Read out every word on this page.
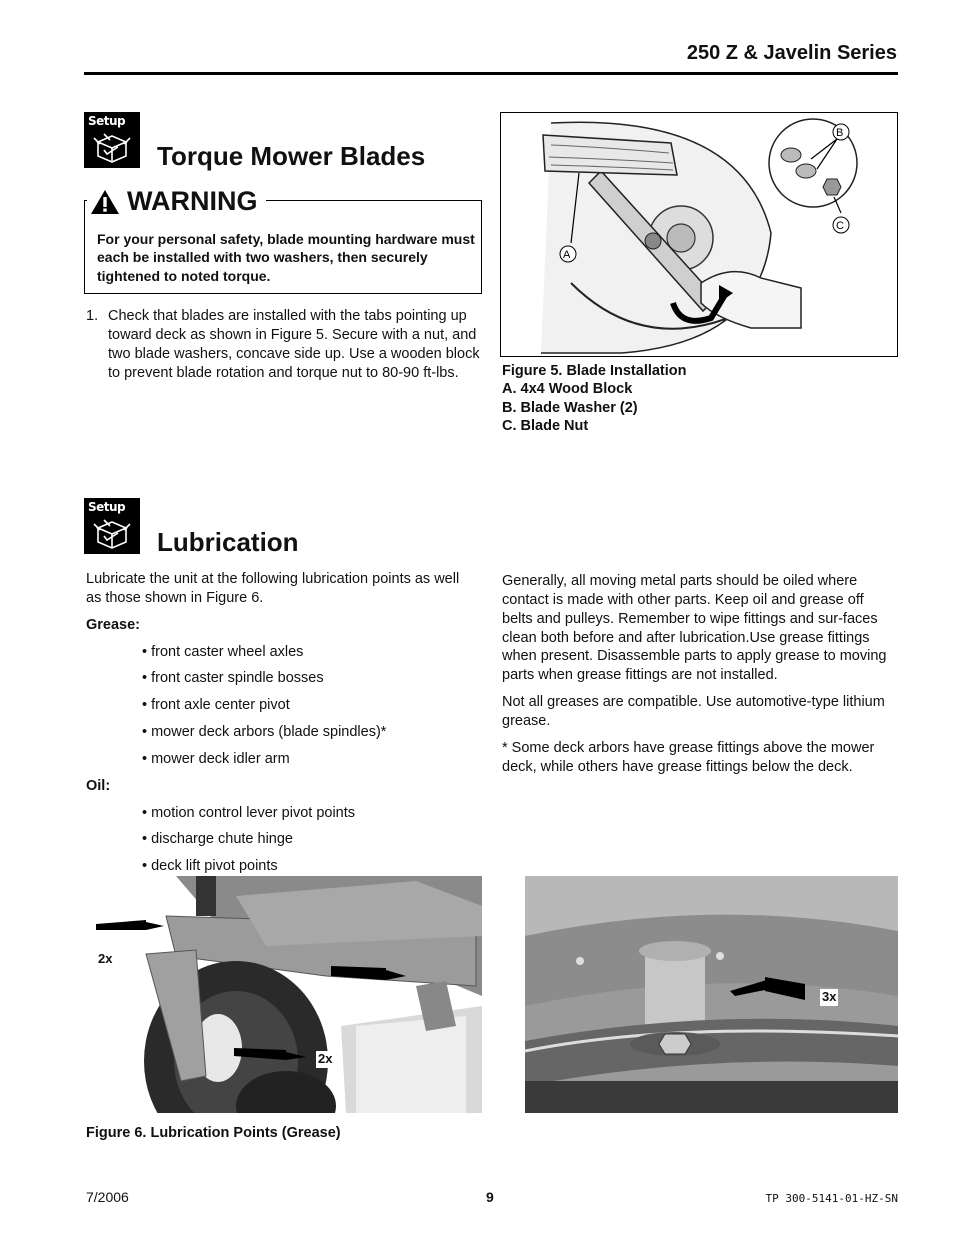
250 Z & Javelin Series
Setup
Torque Mower Blades
WARNING
For your personal safety, blade mounting hardware must each be installed with two washers, then securely tightened to noted torque.
1. Check that blades are installed with the tabs pointing up toward deck as shown in Figure 5. Secure with a nut, and two blade washers, concave side up. Use a wooden block to prevent blade rotation and torque nut to 80-90 ft-lbs.
A
B
C
Figure 5. Blade Installation
A. 4x4 Wood Block
B. Blade Washer (2)
C. Blade Nut
Setup
Lubrication

Lubricate the unit at the following lubrication points as well as those shown in Figure 6.

Grease:
• front caster wheel axles
• front caster spindle bosses
• front axle center pivot
• mower deck arbors (blade spindles)*
• mower deck idler arm
Oil:
• motion control lever pivot points
• discharge chute hinge
• deck lift pivot points

Generally, all moving metal parts should be oiled where contact is made with other parts. Keep oil and grease off belts and pulleys. Remember to wipe fittings and sur-faces clean both before and after lubrication.Use grease fittings when present. Disassemble parts to apply grease to moving parts when grease fittings are not installed.

Not all greases are compatible. Use automotive-type lithium grease.

* Some deck arbors have grease fittings above the mower deck, while others have grease fittings below the deck.

2x
2x
3x
Figure 6. Lubrication Points (Grease)
7/2006	9	TP 300-5141-01-HZ-SN
